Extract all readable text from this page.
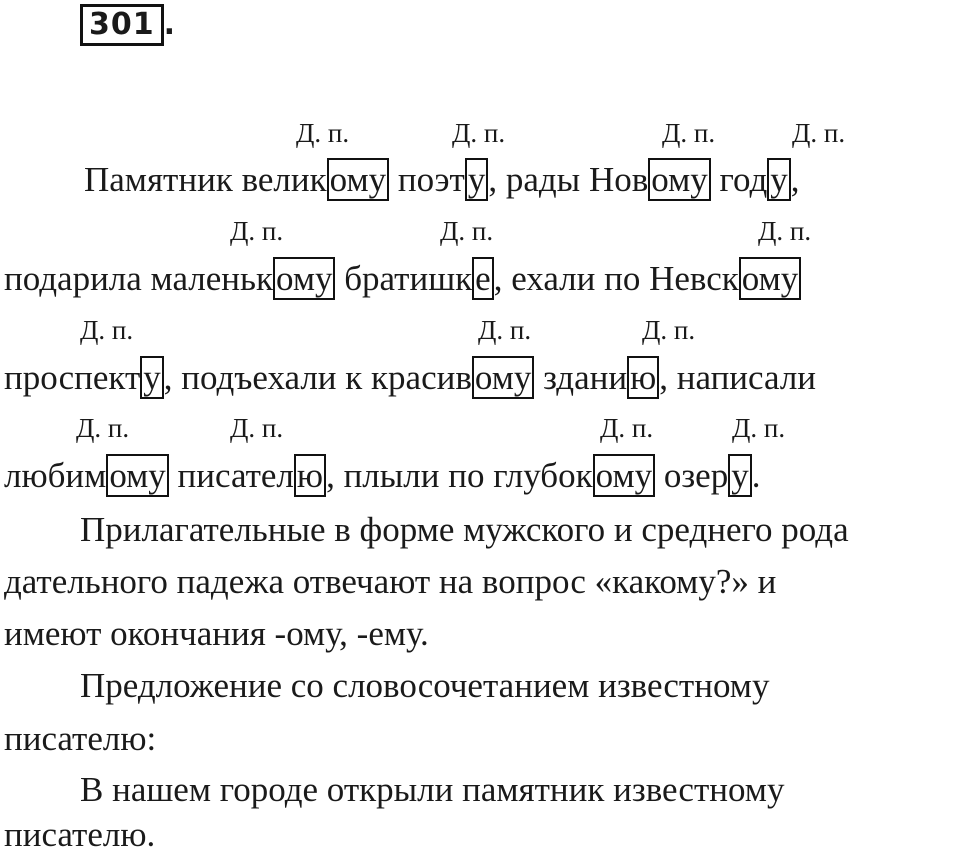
301 .
Д. п.	Д. п.	Д. п.	Д. п.
Памятник великому поэту, рады Новому году,
Д. п.	Д. п.	Д. п.
подарила маленькому братишке, ехали по Невскому
Д. п.	Д. п.	Д. п.
проспекту, подъехали к красивому зданию, написали
Д. п.	Д. п.	Д. п.	Д. п.
любимому писателю, плыли по глубокому озеру.
Прилагательные в форме мужского и среднего рода
дательного падежа отвечают на вопрос «какому?» и
имеют окончания -ому, -ему.
Предложение со словосочетанием известному
писателю:
В нашем городе открыли памятник известному
писателю.
